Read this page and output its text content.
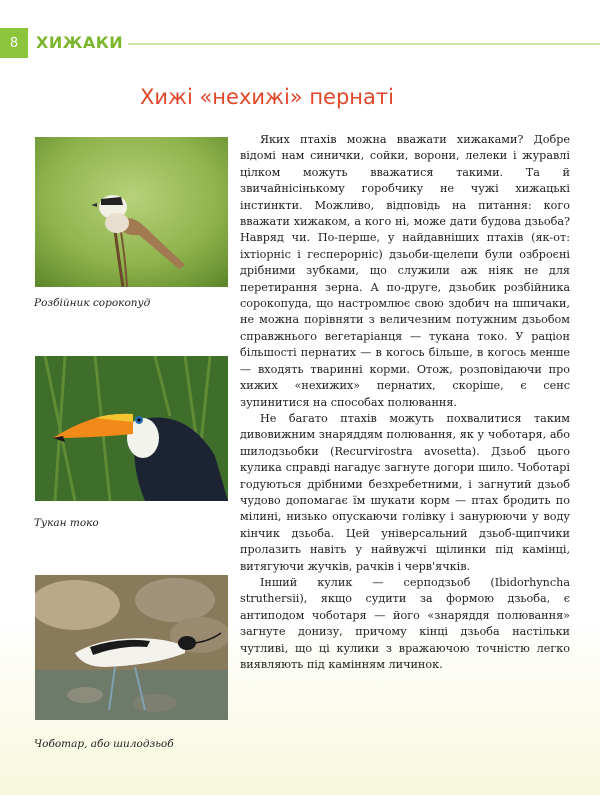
8	ХИЖАКИ
Хижі «нехижі» пернаті
Розбійник сорокопуд
Тукан токо
Чоботар, або шилодзьоб

Яких птахів можна вважати хижаками? Добре відомі нам синички, сойки, ворони, лелеки і журавлі цілком можуть вважатися такими. Та й звичайнісінькому горобчику не чужі хижацькі інстинкти. Можливо, відповідь на питання: кого вважати хижаком, а кого ні, може дати будова дзьоба? Навряд чи. По-перше, у найдавніших птахів (як-от: іхтіорніс і гесперорніс) дзьоби-щелепи були озброєні дрібними зубками, що служили аж ніяк не для перетирання зерна. А по-друге, дзьобик розбійника сорокопуда, що настромлює свою здобич на шпичаки, не можна порівняти з величезним потужним дзьобом справжнього вегетаріанця — тукана токо. У раціон більшості пернатих — в когось більше, в когось менше — входять тваринні корми. Отож, розповідаючи про хижих «нехижих» пернатих, скоріше, є сенс зупинитися на способах полювання.

Не багато птахів можуть похвалитися таким дивовижним знаряддям полювання, як у чоботаря, або шилодзьобки (Recurvirostra avosetta). Дзьоб цього кулика справді нагадує загнуте догори шило. Чоботарі годуються дрібними безхребетними, і загнутий дзьоб чудово допомагає їм шукати корм — птах бродить по мілині, низько опускаючи голівку і занурюючи у воду кінчик дзьоба. Цей універсальний дзьоб-щипчики пролазить навіть у найвужчі щілинки під камінці, витягуючи жучків, рачків і черв'ячків.

Інший кулик — серподзьоб (Ibidorhyncha struthersii), якщо судити за формою дзьоба, є антиподом чоботаря — його «знаряддя полювання» загнуте донизу, причому кінці дзьоба настільки чутливі, що ці кулики з вражаючою точністю легко виявляють під камінням личинок.
